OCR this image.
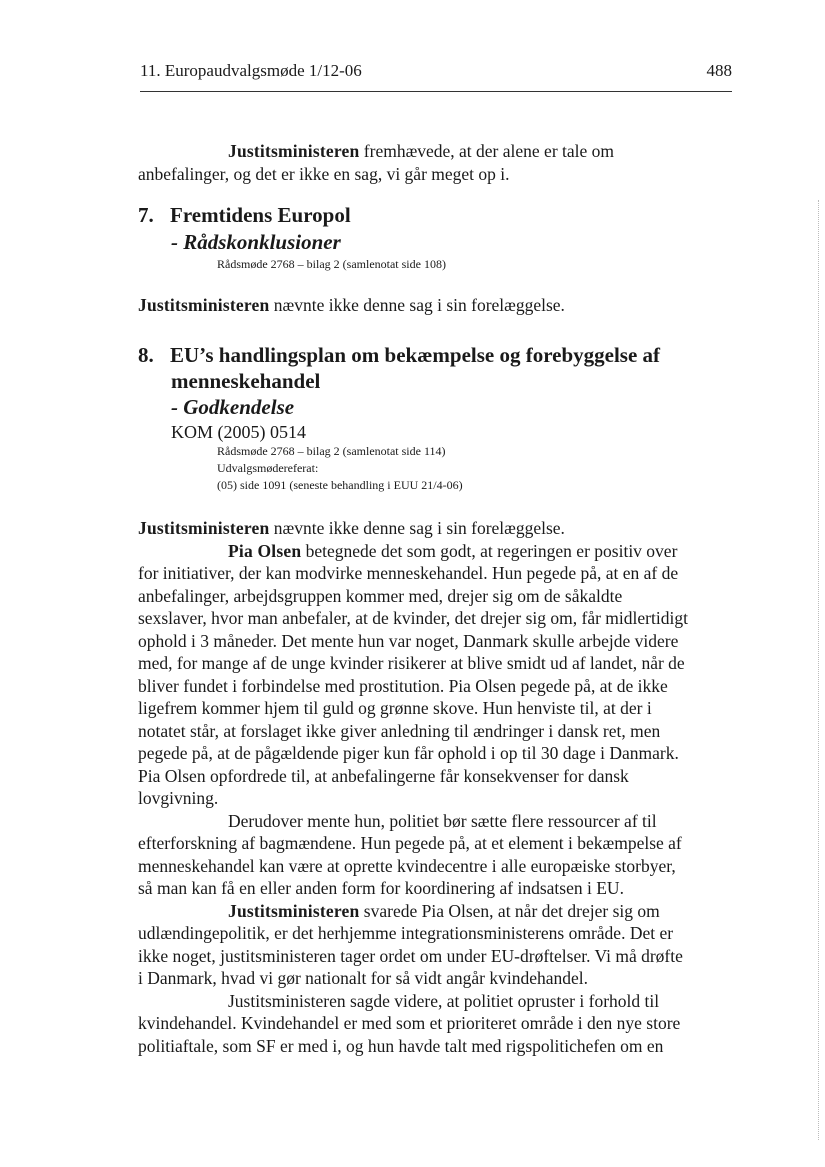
11. Europaudvalgsmøde 1/12-06	488

Justitsministeren fremhævede, at der alene er tale om

anbefalinger, og det er ikke en sag, vi går meget op i.

7. Fremtidens Europol
- Rådskonklusioner
Rådsmøde 2768 – bilag 2 (samlenotat side 108)

Justitsministeren nævnte ikke denne sag i sin forelæggelse.

8. EU’s handlingsplan om bekæmpelse og forebyggelse af
menneskehandel
- Godkendelse
KOM (2005) 0514
Rådsmøde 2768 – bilag 2 (samlenotat side 114)
Udvalgsmødereferat:
(05) side 1091 (seneste behandling i EUU 21/4-06)

Justitsministeren nævnte ikke denne sag i sin forelæggelse.

Pia Olsen betegnede det som godt, at regeringen er positiv over

for initiativer, der kan modvirke menneskehandel. Hun pegede på, at en af de

anbefalinger, arbejdsgruppen kommer med, drejer sig om de såkaldte

sexslaver, hvor man anbefaler, at de kvinder, det drejer sig om, får midlertidigt

ophold i 3 måneder. Det mente hun var noget, Danmark skulle arbejde videre

med, for mange af de unge kvinder risikerer at blive smidt ud af landet, når de

bliver fundet i forbindelse med prostitution. Pia Olsen pegede på, at de ikke

ligefrem kommer hjem til guld og grønne skove. Hun henviste til, at der i

notatet står, at forslaget ikke giver anledning til ændringer i dansk ret, men

pegede på, at de pågældende piger kun får ophold i op til 30 dage i Danmark.

Pia Olsen opfordrede til, at anbefalingerne får konsekvenser for dansk

lovgivning.

Derudover mente hun, politiet bør sætte flere ressourcer af til

efterforskning af bagmændene. Hun pegede på, at et element i bekæmpelse af

menneskehandel kan være at oprette kvindecentre i alle europæiske storbyer,

så man kan få en eller anden form for koordinering af indsatsen i EU.

Justitsministeren svarede Pia Olsen, at når det drejer sig om

udlændingepolitik, er det herhjemme integrationsministerens område. Det er

ikke noget, justitsministeren tager ordet om under EU-drøftelser. Vi må drøfte

i Danmark, hvad vi gør nationalt for så vidt angår kvindehandel.

Justitsministeren sagde videre, at politiet opruster i forhold til

kvindehandel. Kvindehandel er med som et prioriteret område i den nye store

politiaftale, som SF er med i, og hun havde talt med rigspolitichefen om en
